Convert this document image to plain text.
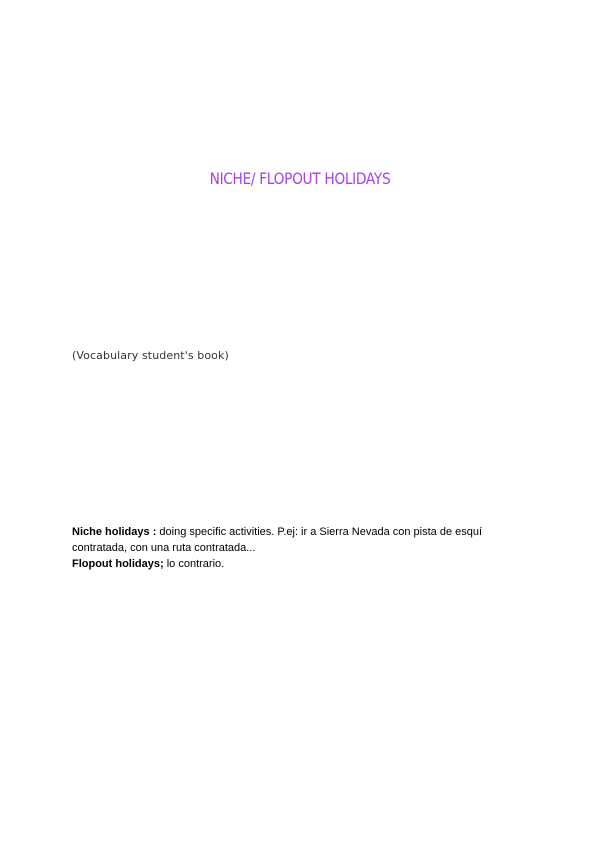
NICHE/ FLOPOUT HOLIDAYS
(Vocabulary student's book)

Niche holidays : doing specific activities. P.ej: ir a Sierra Nevada con pista de esquí contratada, con una ruta contratada...

Flopout holidays; lo contrario.
